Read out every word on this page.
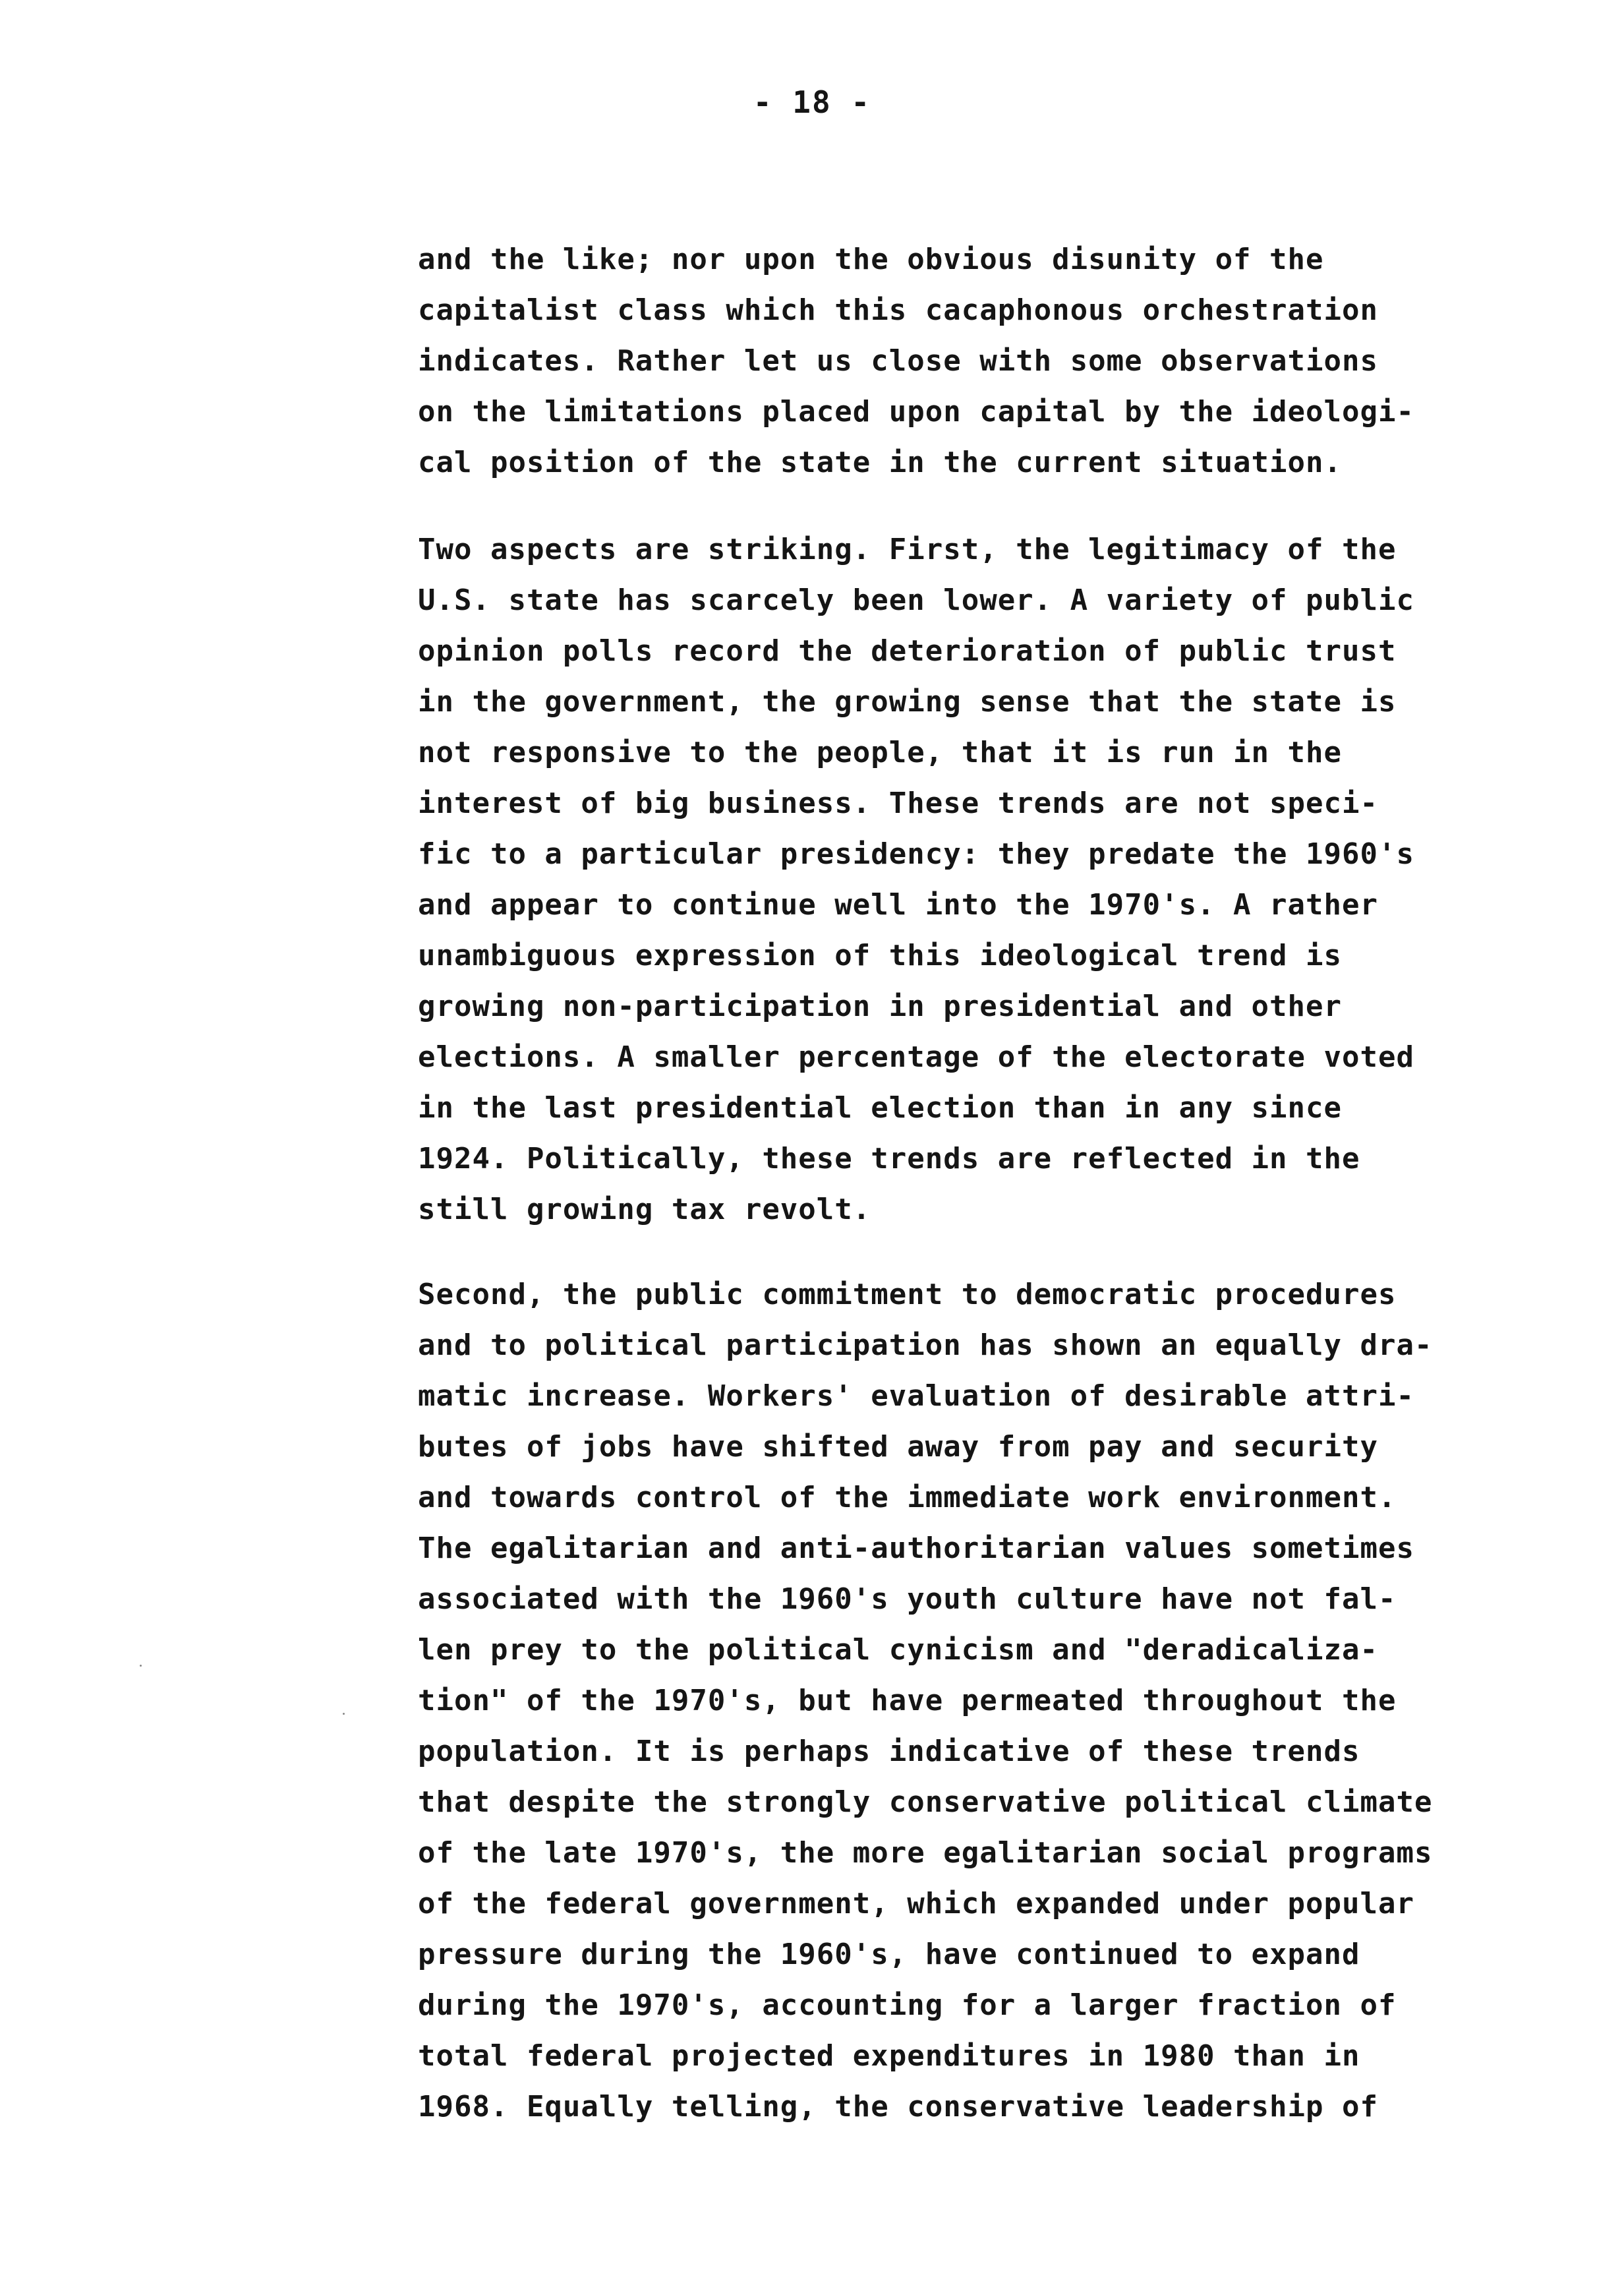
- 18 -
and the like; nor upon the obvious disunity of the
capitalist class which this cacaphonous orchestration
indicates. Rather let us close with some observations
on the limitations placed upon capital by the ideologi-
cal position of the state in the current situation.
Two aspects are striking. First, the legitimacy of the
U.S. state has scarcely been lower. A variety of public
opinion polls record the deterioration of public trust
in the government, the growing sense that the state is
not responsive to the people, that it is run in the
interest of big business. These trends are not speci-
fic to a particular presidency: they predate the 1960's
and appear to continue well into the 1970's. A rather
unambiguous expression of this ideological trend is
growing non-participation in presidential and other
elections. A smaller percentage of the electorate voted
in the last presidential election than in any since
1924. Politically, these trends are reflected in the
still growing tax revolt.
Second, the public commitment to democratic procedures
and to political participation has shown an equally dra-
matic increase. Workers' evaluation of desirable attri-
butes of jobs have shifted away from pay and security
and towards control of the immediate work environment.
The egalitarian and anti-authoritarian values sometimes
associated with the 1960's youth culture have not fal-
len prey to the political cynicism and "deradicaliza-
tion" of the 1970's, but have permeated throughout the
population. It is perhaps indicative of these trends
that despite the strongly conservative political climate
of the late 1970's, the more egalitarian social programs
of the federal government, which expanded under popular
pressure during the 1960's, have continued to expand
during the 1970's, accounting for a larger fraction of
total federal projected expenditures in 1980 than in
1968. Equally telling, the conservative leadership of
